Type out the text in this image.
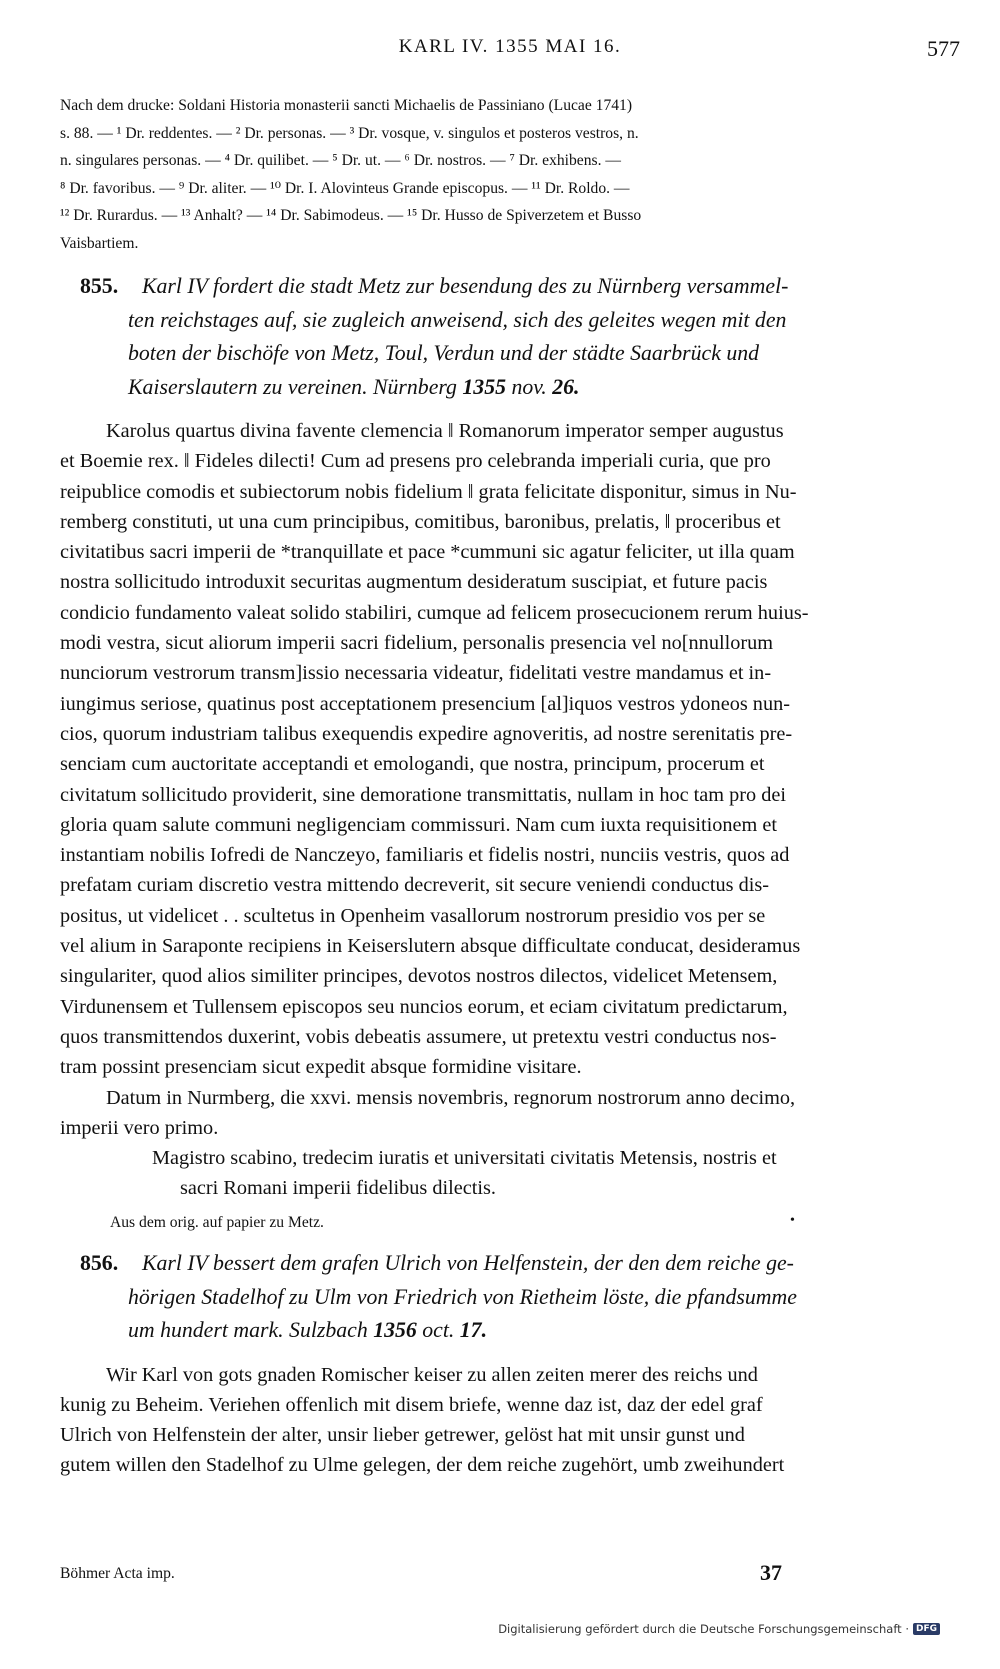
KARL IV. 1355 MAI 16.	577
Nach dem drucke: Soldani Historia monasterii sancti Michaelis de Passiniano (Lucae 1741)
s. 88. — ¹ Dr. reddentes. — ² Dr. personas. — ³ Dr. vosque, v. singulos et posteros vestros, n.
n. singulares personas. — ⁴ Dr. quilibet. — ⁵ Dr. ut. — ⁶ Dr. nostros. — ⁷ Dr. exhibens. —
⁸ Dr. favoribus. — ⁹ Dr. aliter. — ¹⁰ Dr. I. Alovinteus Grande episcopus. — ¹¹ Dr. Roldo. —
¹² Dr. Rurardus. — ¹³ Anhalt? — ¹⁴ Dr. Sabimodeus. — ¹⁵ Dr. Husso de Spiverzetem et Busso
Vaisbartiem.
855. Karl IV fordert die stadt Metz zur besendung des zu Nürnberg versammel-
ten reichstages auf, sie zugleich anweisend, sich des geleites wegen mit den
boten der bischöfe von Metz, Toul, Verdun und der städte Saarbrück und
Kaiserslautern zu vereinen. Nürnberg 1355 nov. 26.
Karolus quartus divina favente clemencia ‖ Romanorum imperator semper augustus
et Boemie rex. ‖ Fideles dilecti! Cum ad presens pro celebranda imperiali curia, que pro
reipublice comodis et subiectorum nobis fidelium ‖ grata felicitate disponitur, simus in Nu-
remberg constituti, ut una cum principibus, comitibus, baronibus, prelatis, ‖ proceribus et
civitatibus sacri imperii de *tranquillate et pace *cummuni sic agatur feliciter, ut illa quam
nostra sollicitudo introduxit securitas augmentum desideratum suscipiat, et future pacis
condicio fundamento valeat solido stabiliri, cumque ad felicem prosecucionem rerum huius-
modi vestra, sicut aliorum imperii sacri fidelium, personalis presencia vel no[nnullorum
nunciorum vestrorum transm]issio necessaria videatur, fidelitati vestre mandamus et in-
iungimus seriose, quatinus post acceptationem presencium [al]iquos vestros ydoneos nun-
cios, quorum industriam talibus exequendis expedire agnoveritis, ad nostre serenitatis pre-
senciam cum auctoritate acceptandi et emologandi, que nostra, principum, procerum et
civitatum sollicitudo providerit, sine demoratione transmittatis, nullam in hoc tam pro dei
gloria quam salute communi negligenciam commissuri. Nam cum iuxta requisitionem et
instantiam nobilis Iofredi de Nanczeyo, familiaris et fidelis nostri, nunciis vestris, quos ad
prefatam curiam discretio vestra mittendo decreverit, sit secure veniendi conductus dis-
positus, ut videlicet . . scultetus in Openheim vasallorum nostrorum presidio vos per se
vel alium in Saraponte recipiens in Keiserslutern absque difficultate conducat, desideramus
singulariter, quod alios similiter principes, devotos nostros dilectos, videlicet Metensem,
Virdunensem et Tullensem episcopos seu nuncios eorum, et eciam civitatum predictarum,
quos transmittendos duxerint, vobis debeatis assumere, ut pretextu vestri conductus nos-
tram possint presenciam sicut expedit absque formidine visitare.
Datum in Nurmberg, die xxvi. mensis novembris, regnorum nostrorum anno decimo,
imperii vero primo.
Magistro scabino, tredecim iuratis et universitati civitatis Metensis, nostris et
sacri Romani imperii fidelibus dilectis.
Aus dem orig. auf papier zu Metz.	•
856. Karl IV bessert dem grafen Ulrich von Helfenstein, der den dem reiche ge-
hörigen Stadelhof zu Ulm von Friedrich von Rietheim löste, die pfandsumme
um hundert mark. Sulzbach 1356 oct. 17.
Wir Karl von gots gnaden Romischer keiser zu allen zeiten merer des reichs und
kunig zu Beheim. Veriehen offenlich mit disem briefe, wenne daz ist, daz der edel graf
Ulrich von Helfenstein der alter, unsir lieber getrewer, gelöst hat mit unsir gunst und
gutem willen den Stadelhof zu Ulme gelegen, der dem reiche zugehört, umb zweihundert
Böhmer Acta imp.	37
Digitalisierung gefördert durch die Deutsche Forschungsgemeinschaft · DFG
